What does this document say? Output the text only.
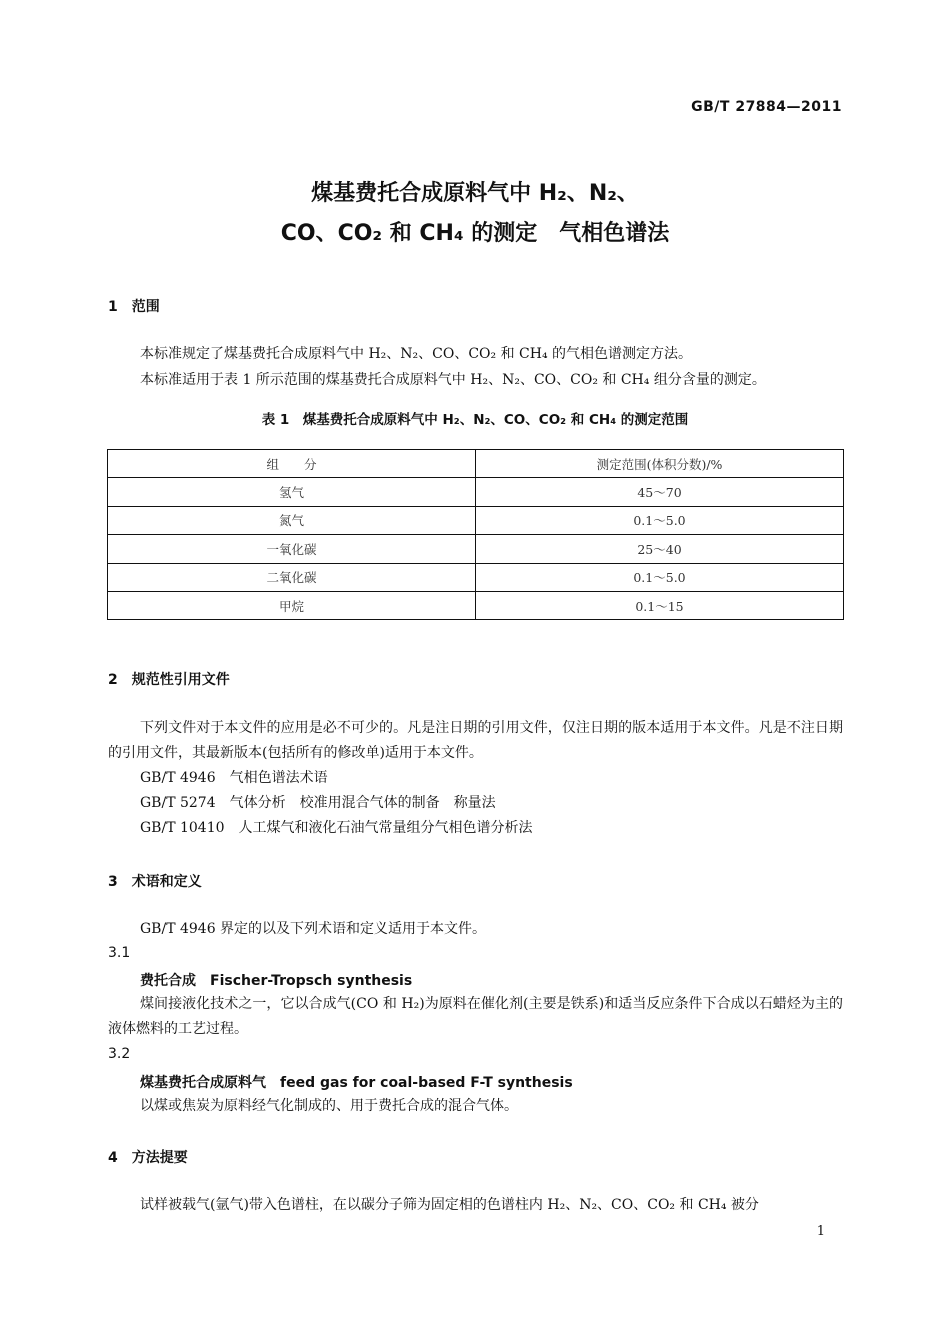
GB/T 27884—2011
煤基费托合成原料气中 H₂、N₂、
CO、CO₂ 和 CH₄ 的测定　气相色谱法
1　范围
本标准规定了煤基费托合成原料气中 H₂、N₂、CO、CO₂ 和 CH₄ 的气相色谱测定方法。
本标准适用于表 1 所示范围的煤基费托合成原料气中 H₂、N₂、CO、CO₂ 和 CH₄ 组分含量的测定。
表 1　煤基费托合成原料气中 H₂、N₂、CO、CO₂ 和 CH₄ 的测定范围
组　　分	测定范围(体积分数)/%
氢气	45～70
氮气	0.1～5.0
一氧化碳	25～40
二氧化碳	0.1～5.0
甲烷	0.1～15
2　规范性引用文件
下列文件对于本文件的应用是必不可少的。凡是注日期的引用文件，仅注日期的版本适用于本文件。凡是不注日期的引用文件，其最新版本(包括所有的修改单)适用于本文件。
GB/T 4946　气相色谱法术语
GB/T 5274　气体分析　校准用混合气体的制备　称量法
GB/T 10410　人工煤气和液化石油气常量组分气相色谱分析法
3　术语和定义
GB/T 4946 界定的以及下列术语和定义适用于本文件。
3.1
费托合成　Fischer-Tropsch synthesis
煤间接液化技术之一，它以合成气(CO 和 H₂)为原料在催化剂(主要是铁系)和适当反应条件下合成以石蜡烃为主的液体燃料的工艺过程。
3.2
煤基费托合成原料气　feed gas for coal-based F-T synthesis
以煤或焦炭为原料经气化制成的、用于费托合成的混合气体。
4　方法提要
试样被载气(氩气)带入色谱柱，在以碳分子筛为固定相的色谱柱内 H₂、N₂、CO、CO₂ 和 CH₄ 被分
1
